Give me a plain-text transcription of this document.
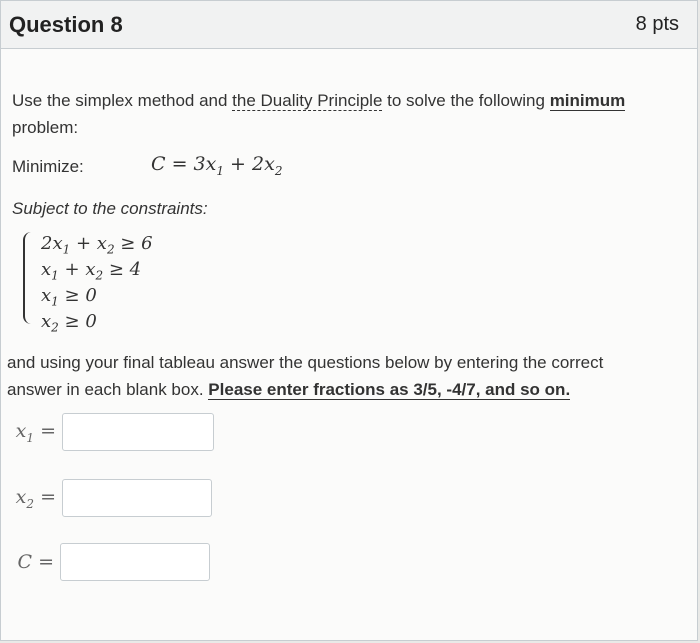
Question 8	8 pts
Use the simplex method and the Duality Principle to solve the following minimum problem:
Minimize:	$C = 3x_1 + 2x_2$
Subject to the constraints:
$2x_1 + x_2 \ge 6$
$x_1 + x_2 \ge 4$
$x_1 \ge 0$
$x_2 \ge 0$
and using your final tableau answer the questions below by entering the correct answer in each blank box. Please enter fractions as 3/5, -4/7, and so on.
$x_1$ =
$x_2$ =
C =
